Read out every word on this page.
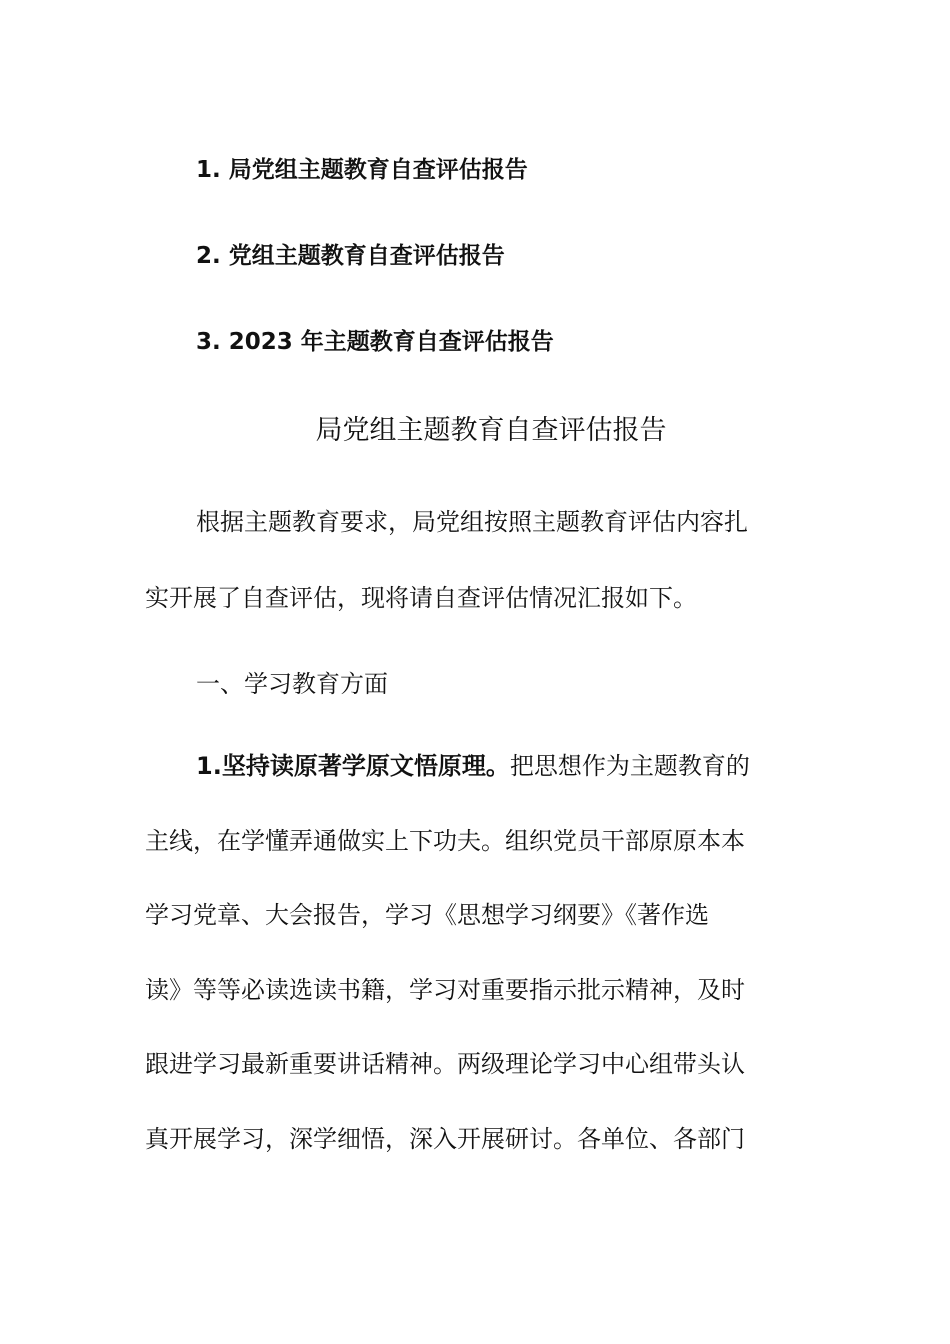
1. 局党组主题教育自查评估报告

2. 党组主题教育自查评估报告

3. 2023 年主题教育自查评估报告

局党组主题教育自查评估报告

根据主题教育要求，局党组按照主题教育评估内容扎

实开展了自查评估，现将请自查评估情况汇报如下。

一、学习教育方面

1.坚持读原著学原文悟原理。把思想作为主题教育的

主线，在学懂弄通做实上下功夫。组织党员干部原原本本

学习党章、大会报告，学习《思想学习纲要》《著作选

读》等等必读选读书籍，学习对重要指示批示精神，及时

跟进学习最新重要讲话精神。两级理论学习中心组带头认

真开展学习，深学细悟，深入开展研讨。各单位、各部门
